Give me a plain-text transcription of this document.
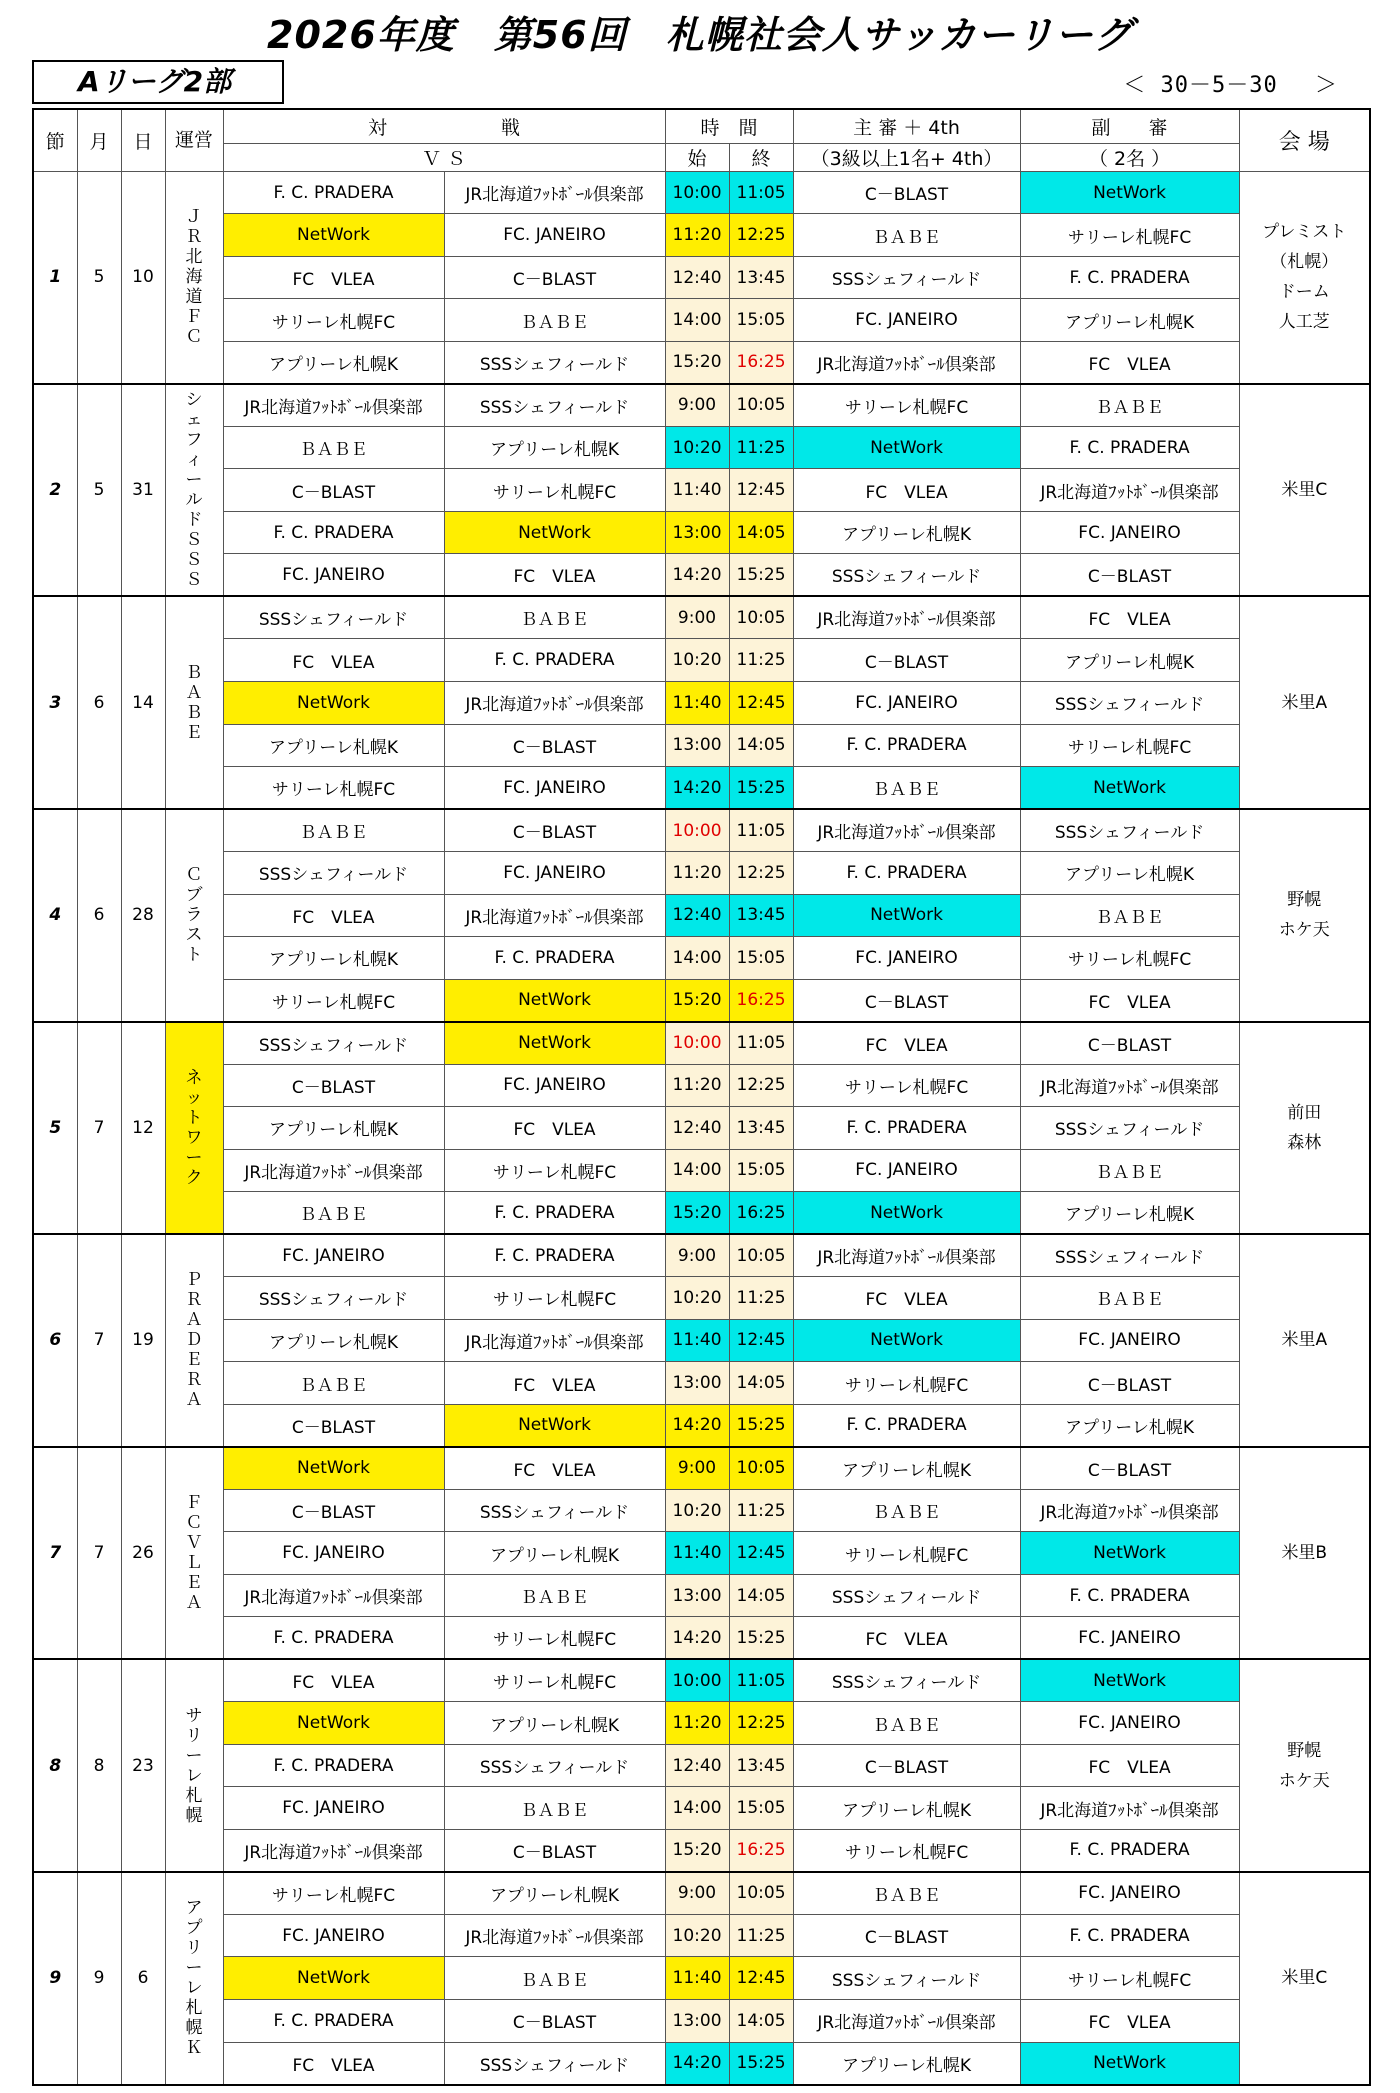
2026年度　第56回　札幌社会人サッカーリーグ
Aリーグ2部	＜ 30－5－30 　＞
節	月	日	運営	対　　　　　　戦		時　間		主 審 ＋ 4th	副　　審	会 場
				Ｖ Ｓ		始	終	（3級以上1名+ 4th）	（ 2名 ）	
1	5	10	ＪＲ北海道ＦＣ	F. C. PRADERA	JR北海道ﾌｯﾄﾎﾞｰﾙ倶楽部	10:00	11:05	C－BLAST	NetWork	プレミスト
（札幌）
ドーム
人工芝
				NetWork	FC. JANEIRO	11:20	12:25	ＢＡＢＥ	サリーレ札幌FC	
				FC　VLEA	C－BLAST	12:40	13:45	SSSシェフィールド	F. C. PRADERA	
				サリーレ札幌FC	ＢＡＢＥ	14:00	15:05	FC. JANEIRO	アプリーレ札幌K	
				アプリーレ札幌K	SSSシェフィールド	15:20	16:25	JR北海道ﾌｯﾄﾎﾞｰﾙ倶楽部	FC　VLEA	
2	5	31	シェフィールドＳＳＳ	JR北海道ﾌｯﾄﾎﾞｰﾙ倶楽部	SSSシェフィールド	9:00	10:05	サリーレ札幌FC	ＢＡＢＥ	米里C
				ＢＡＢＥ	アプリーレ札幌K	10:20	11:25	NetWork	F. C. PRADERA	
				C－BLAST	サリーレ札幌FC	11:40	12:45	FC　VLEA	JR北海道ﾌｯﾄﾎﾞｰﾙ倶楽部	
				F. C. PRADERA	NetWork	13:00	14:05	アプリーレ札幌K	FC. JANEIRO	
				FC. JANEIRO	FC　VLEA	14:20	15:25	SSSシェフィールド	C－BLAST	
3	6	14	ＢＡＢＥ	SSSシェフィールド	ＢＡＢＥ	9:00	10:05	JR北海道ﾌｯﾄﾎﾞｰﾙ倶楽部	FC　VLEA	米里A
				FC　VLEA	F. C. PRADERA	10:20	11:25	C－BLAST	アプリーレ札幌K	
				NetWork	JR北海道ﾌｯﾄﾎﾞｰﾙ倶楽部	11:40	12:45	FC. JANEIRO	SSSシェフィールド	
				アプリーレ札幌K	C－BLAST	13:00	14:05	F. C. PRADERA	サリーレ札幌FC	
				サリーレ札幌FC	FC. JANEIRO	14:20	15:25	ＢＡＢＥ	NetWork	
4	6	28	Ｃブラスト	ＢＡＢＥ	C－BLAST	10:00	11:05	JR北海道ﾌｯﾄﾎﾞｰﾙ倶楽部	SSSシェフィールド	野幌
ホケ天
				SSSシェフィールド	FC. JANEIRO	11:20	12:25	F. C. PRADERA	アプリーレ札幌K	
				FC　VLEA	JR北海道ﾌｯﾄﾎﾞｰﾙ倶楽部	12:40	13:45	NetWork	ＢＡＢＥ	
				アプリーレ札幌K	F. C. PRADERA	14:00	15:05	FC. JANEIRO	サリーレ札幌FC	
				サリーレ札幌FC	NetWork	15:20	16:25	C－BLAST	FC　VLEA	
5	7	12	ネットワーク	SSSシェフィールド	NetWork	10:00	11:05	FC　VLEA	C－BLAST	前田
森林
				C－BLAST	FC. JANEIRO	11:20	12:25	サリーレ札幌FC	JR北海道ﾌｯﾄﾎﾞｰﾙ倶楽部	
				アプリーレ札幌K	FC　VLEA	12:40	13:45	F. C. PRADERA	SSSシェフィールド	
				JR北海道ﾌｯﾄﾎﾞｰﾙ倶楽部	サリーレ札幌FC	14:00	15:05	FC. JANEIRO	ＢＡＢＥ	
				ＢＡＢＥ	F. C. PRADERA	15:20	16:25	NetWork	アプリーレ札幌K	
6	7	19	ＰＲＡＤＥＲＡ	FC. JANEIRO	F. C. PRADERA	9:00	10:05	JR北海道ﾌｯﾄﾎﾞｰﾙ倶楽部	SSSシェフィールド	米里A
				SSSシェフィールド	サリーレ札幌FC	10:20	11:25	FC　VLEA	ＢＡＢＥ	
				アプリーレ札幌K	JR北海道ﾌｯﾄﾎﾞｰﾙ倶楽部	11:40	12:45	NetWork	FC. JANEIRO	
				ＢＡＢＥ	FC　VLEA	13:00	14:05	サリーレ札幌FC	C－BLAST	
				C－BLAST	NetWork	14:20	15:25	F. C. PRADERA	アプリーレ札幌K	
7	7	26	ＦＣ ＶＬＥＡ	NetWork	FC　VLEA	9:00	10:05	アプリーレ札幌K	C－BLAST	米里B
				C－BLAST	SSSシェフィールド	10:20	11:25	ＢＡＢＥ	JR北海道ﾌｯﾄﾎﾞｰﾙ倶楽部	
				FC. JANEIRO	アプリーレ札幌K	11:40	12:45	サリーレ札幌FC	NetWork	
				JR北海道ﾌｯﾄﾎﾞｰﾙ倶楽部	ＢＡＢＥ	13:00	14:05	SSSシェフィールド	F. C. PRADERA	
				F. C. PRADERA	サリーレ札幌FC	14:20	15:25	FC　VLEA	FC. JANEIRO	
8	8	23	サリーレ札幌	FC　VLEA	サリーレ札幌FC	10:00	11:05	SSSシェフィールド	NetWork	野幌
ホケ天
				NetWork	アプリーレ札幌K	11:20	12:25	ＢＡＢＥ	FC. JANEIRO	
				F. C. PRADERA	SSSシェフィールド	12:40	13:45	C－BLAST	FC　VLEA	
				FC. JANEIRO	ＢＡＢＥ	14:00	15:05	アプリーレ札幌K	JR北海道ﾌｯﾄﾎﾞｰﾙ倶楽部	
				JR北海道ﾌｯﾄﾎﾞｰﾙ倶楽部	C－BLAST	15:20	16:25	サリーレ札幌FC	F. C. PRADERA	
9	9	6	アプリーレ札幌Ｋ	サリーレ札幌FC	アプリーレ札幌K	9:00	10:05	ＢＡＢＥ	FC. JANEIRO	米里C
				FC. JANEIRO	JR北海道ﾌｯﾄﾎﾞｰﾙ倶楽部	10:20	11:25	C－BLAST	F. C. PRADERA	
				NetWork	ＢＡＢＥ	11:40	12:45	SSSシェフィールド	サリーレ札幌FC	
				F. C. PRADERA	C－BLAST	13:00	14:05	JR北海道ﾌｯﾄﾎﾞｰﾙ倶楽部	FC　VLEA	
				FC　VLEA	SSSシェフィールド	14:20	15:25	アプリーレ札幌K	NetWork	
